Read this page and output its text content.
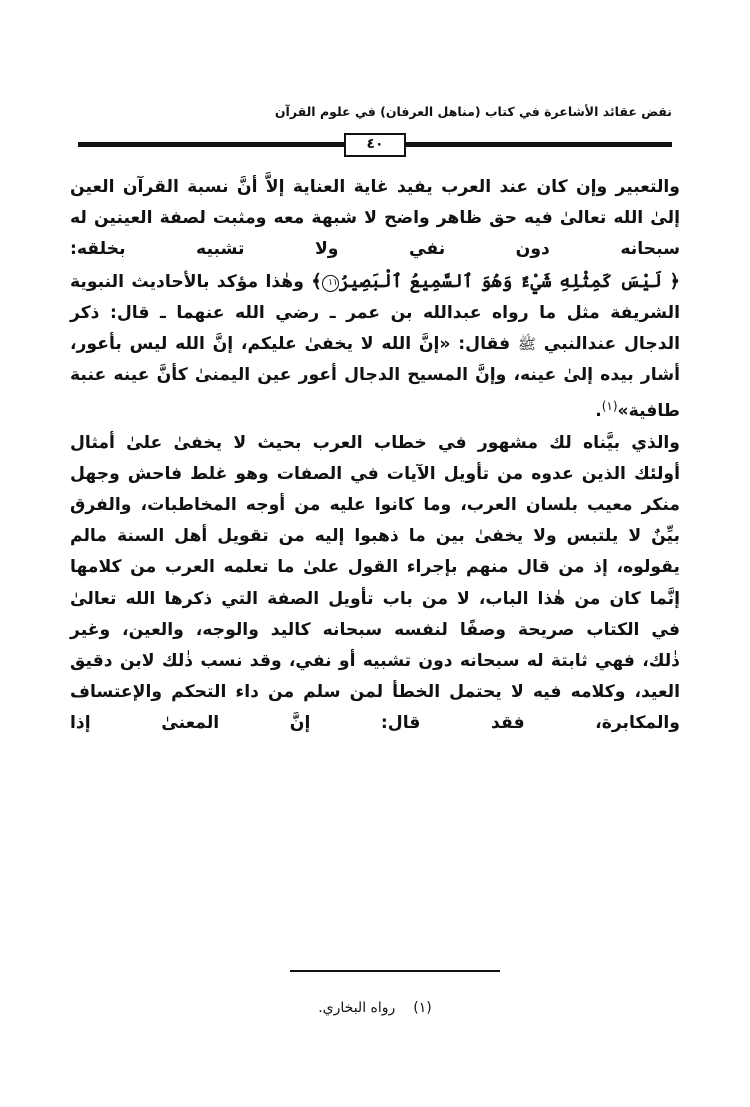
نقض عقائد الأشاعرة في كتاب (مناهل العرفان) في علوم القرآن
٤٠

والتعبير وإن كان عند العرب يفيد غاية العناية إلاَّ أنَّ نسبة القرآن العين إلىٰ الله تعالىٰ فيه حق ظاهر واضح لا شبهة معه ومثبت لصفة العينين له سبحانه دون نفي ولا تشبيه بخلقه:

﴿ لَيْسَ كَمِثْلِهِ شَيْءٌ وَهُوَ ٱلسَّمِيعُ ٱلْبَصِيرُ١١﴾ وهٰذا مؤكد بالأحاديث النبوية الشريفة مثل ما رواه عبدالله بن عمر ـ رضي الله عنهما ـ قال: ذكر الدجال عندالنبي ﷺ فقال: «إنَّ الله لا يخفىٰ عليكم، إنَّ الله ليس بأعور، أشار بيده إلىٰ عينه، وإنَّ المسيح الدجال أعور عين اليمنىٰ كأنَّ عينه عنبة طافية»$^{(١)}$.

والذي بيَّناه لك مشهور في خطاب العرب بحيث لا يخفىٰ علىٰ أمثال أولئك الذين عدوه من تأويل الآيات في الصفات وهو غلط فاحش وجهل منكر معيب بلسان العرب، وما كانوا عليه من أوجه المخاطبات، والفرق بيِّنٌ لا يلتبس ولا يخفىٰ بين ما ذهبوا إليه من تقويل أهل السنة مالم يقولوه، إذ من قال منهم بإجراء القول علىٰ ما تعلمه العرب من كلامها إنَّما كان من هٰذا الباب، لا من باب تأويل الصفة التي ذكرها الله تعالىٰ في الكتاب صريحة وصفًا لنفسه سبحانه كاليد والوجه، والعين، وغير ذٰلك، فهي ثابتة له سبحانه دون تشبيه أو نفي، وقد نسب ذٰلك لابن دقيق العيد، وكلامه فيه لا يحتمل الخطأ لمن سلم من داء التحكم والإعتساف والمكابرة، فقد قال: إنَّ المعنىٰ إذا

(١)رواه البخاري.
